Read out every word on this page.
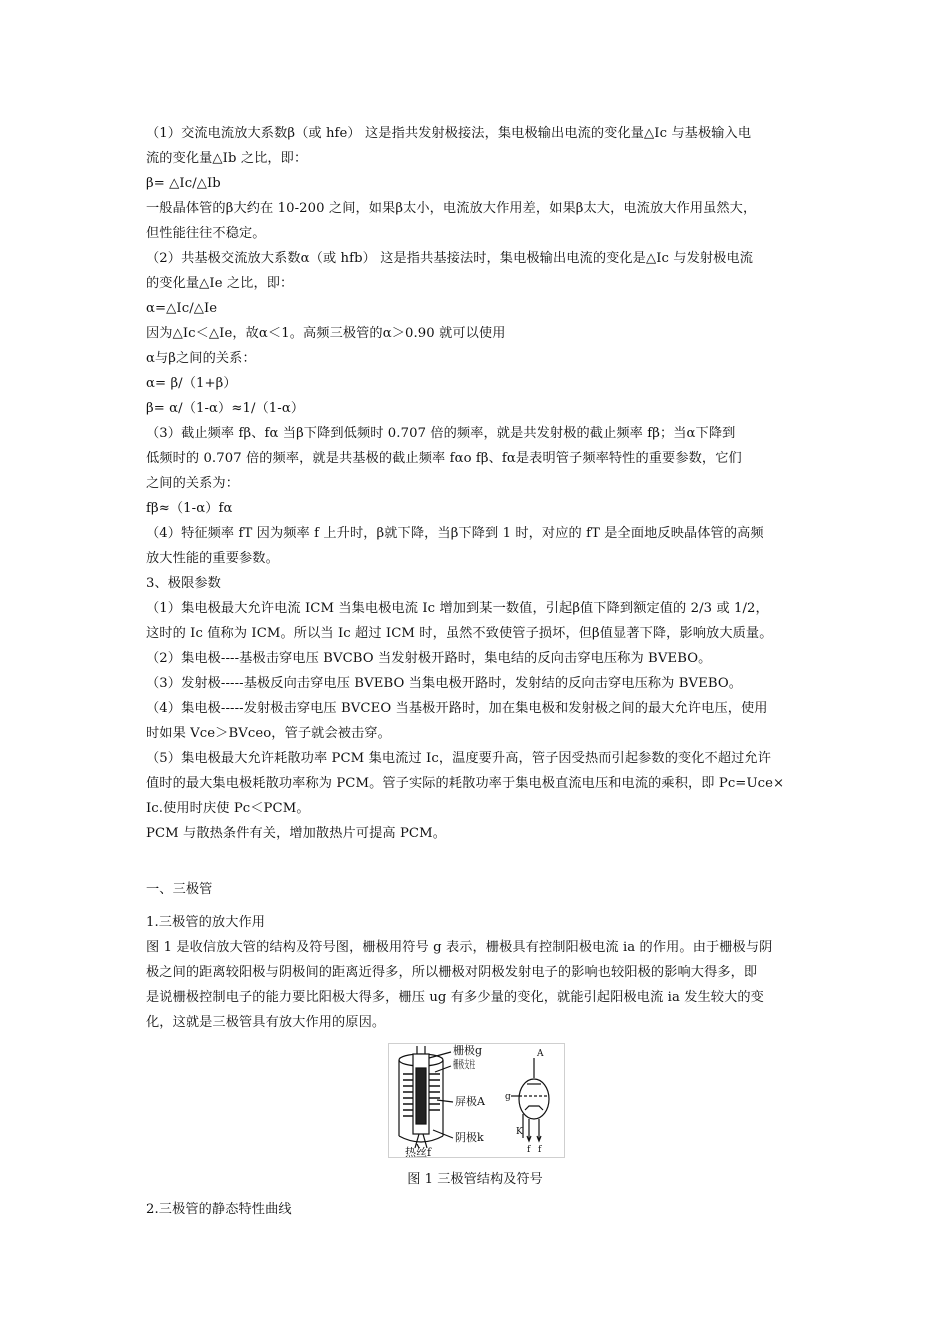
（1）交流电流放大系数β（或 hfe） 这是指共发射极接法，集电极输出电流的变化量△Ic 与基极输入电
流的变化量△Ib 之比，即：
β= △Ic/△Ib
一般晶体管的β大约在 10-200 之间，如果β太小，电流放大作用差，如果β太大，电流放大作用虽然大，
但性能往往不稳定。
（2）共基极交流放大系数α（或 hfb） 这是指共基接法时，集电极输出电流的变化是△Ic 与发射极电流
的变化量△Ie 之比，即：
α=△Ic/△Ie
因为△Ic＜△Ie，故α＜1。高频三极管的α＞0.90 就可以使用
α与β之间的关系：
α= β/（1+β）
β= α/（1-α）≈1/（1-α）
（3）截止频率 fβ、fα 当β下降到低频时 0.707 倍的频率，就是共发射极的截止频率 fβ；当α下降到
低频时的 0.707 倍的频率，就是共基极的截止频率 fαo fβ、fα是表明管子频率特性的重要参数，它们
之间的关系为：
fβ≈（1-α）fα
（4）特征频率 fT 因为频率 f 上升时，β就下降，当β下降到 1 时，对应的 fT 是全面地反映晶体管的高频
放大性能的重要参数。
3、极限参数
（1）集电极最大允许电流 ICM 当集电极电流 Ic 增加到某一数值，引起β值下降到额定值的 2/3 或 1/2，
这时的 Ic 值称为 ICM。所以当 Ic 超过 ICM 时，虽然不致使管子损坏，但β值显著下降，影响放大质量。
（2）集电极----基极击穿电压 BVCBO 当发射极开路时，集电结的反向击穿电压称为 BVEBO。
（3）发射极-----基极反向击穿电压 BVEBO 当集电极开路时，发射结的反向击穿电压称为 BVEBO。
（4）集电极-----发射极击穿电压 BVCEO 当基极开路时，加在集电极和发射极之间的最大允许电压，使用
时如果 Vce＞BVceo，管子就会被击穿。
（5）集电极最大允许耗散功率 PCM 集电流过 Ic，温度要升高，管子因受热而引起参数的变化不超过允许
值时的最大集电极耗散功率称为 PCM。管子实际的耗散功率于集电极直流电压和电流的乘积，即 Pc=Uce×
Ic.使用时庆使 Pc＜PCM。
PCM 与散热条件有关，增加散热片可提高 PCM。
一、三极管
1.三极管的放大作用
图 1 是收信放大管的结构及符号图，栅极用符号 g 表示，栅极具有控制阳极电流 ia 的作用。由于栅极与阴
极之间的距离较阳极与阴极间的距离近得多，所以栅极对阴极发射电子的影响也较阳极的影响大得多，即
是说栅极控制电子的能力要比阳极大得多，栅压 ug 有多少量的变化，就能引起阳极电流 ia 发生较大的变
化，这就是三极管具有放大作用的原因。
栅极g
栅极支柱
屏极A
阴极k
热丝f
A
g
K
f f
图 1 三极管结构及符号
2.三极管的静态特性曲线
